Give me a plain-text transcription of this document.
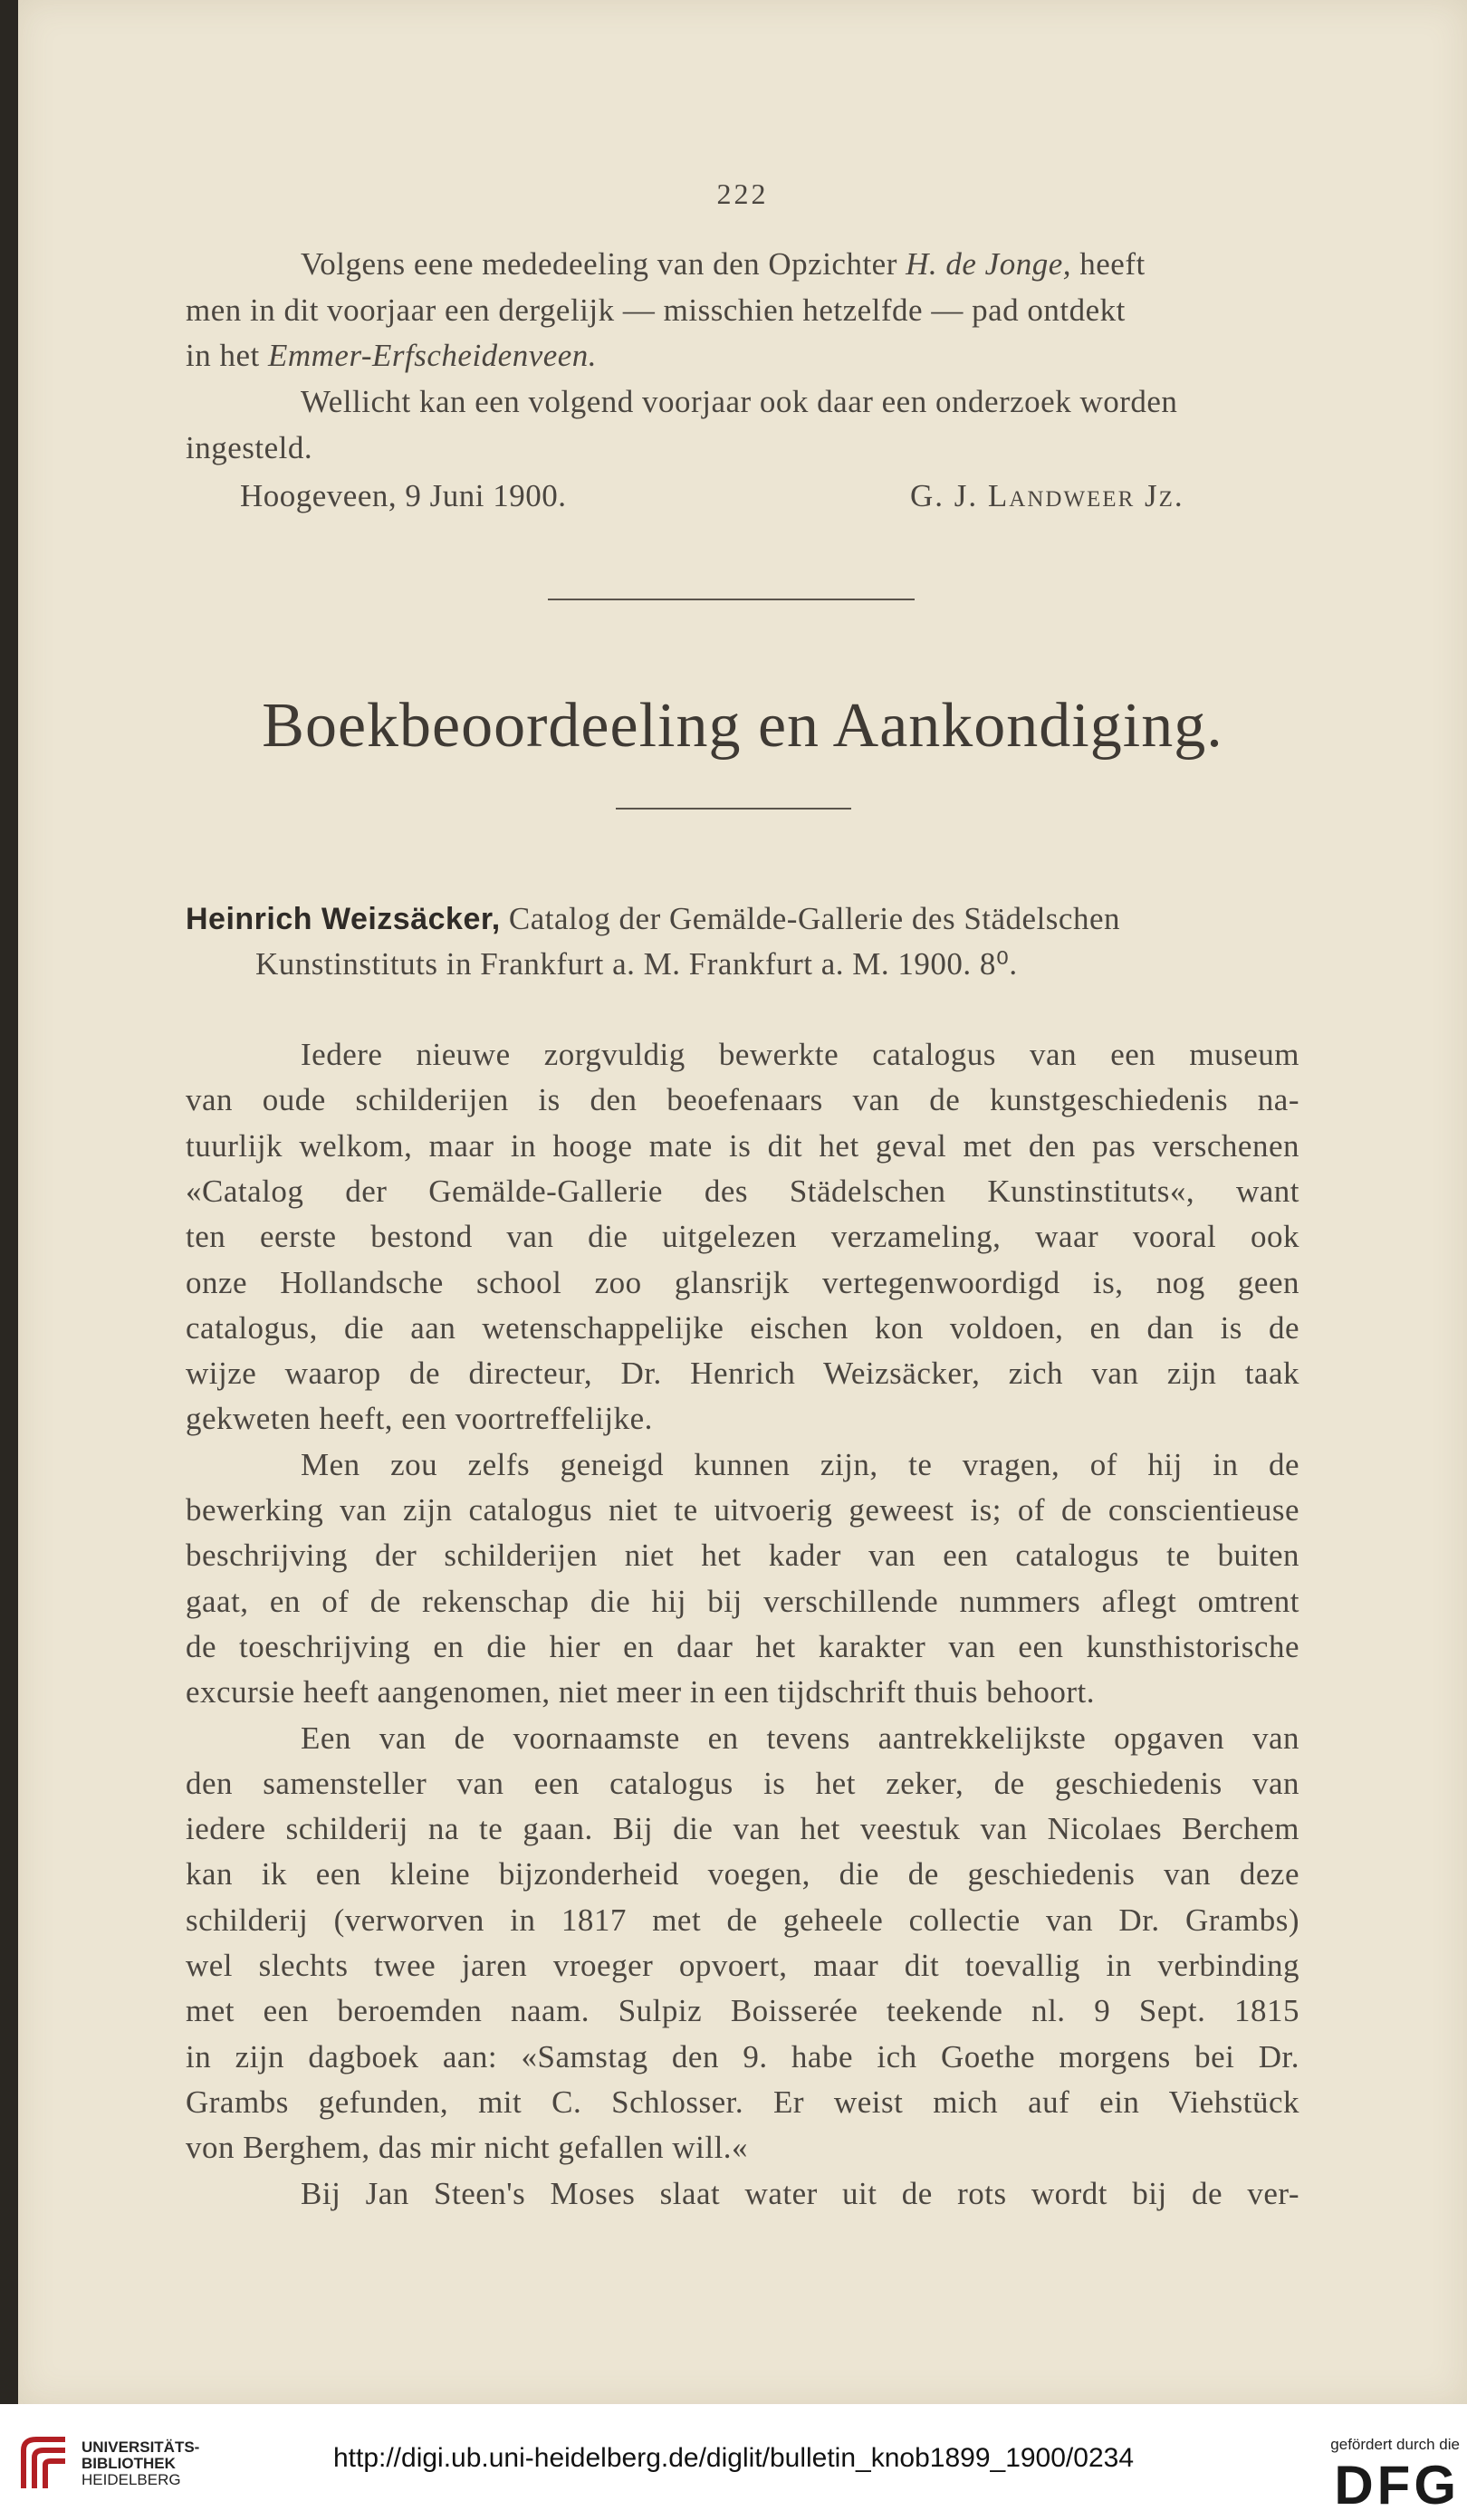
222
Volgens eene mededeeling van den Opzichter H. de Jonge, heeft
men in dit voorjaar een dergelijk — misschien hetzelfde — pad ontdekt
in het Emmer-Erfscheidenveen.
Wellicht kan een volgend voorjaar ook daar een onderzoek worden
ingesteld.
Hoogeveen, 9 Juni 1900.	G. J. Landweer Jz.
Boekbeoordeeling en Aankondiging.
Heinrich Weizsäcker, Catalog der Gemälde-Gallerie des Städelschen
Kunstinstituts in Frankfurt a. M. Frankfurt a. M. 1900. 8⁰.
Iedere nieuwe zorgvuldig bewerkte catalogus van een museum
van oude schilderijen is den beoefenaars van de kunstgeschiedenis na-
tuurlijk welkom, maar in hooge mate is dit het geval met den pas verschenen
«Catalog der Gemälde-Gallerie des Städelschen Kunstinstituts«, want
ten eerste bestond van die uitgelezen verzameling, waar vooral ook
onze Hollandsche school zoo glansrijk vertegenwoordigd is, nog geen
catalogus, die aan wetenschappelijke eischen kon voldoen, en dan is de
wijze waarop de directeur, Dr. Henrich Weizsäcker, zich van zijn taak
gekweten heeft, een voortreffelijke.
Men zou zelfs geneigd kunnen zijn, te vragen, of hij in de
bewerking van zijn catalogus niet te uitvoerig geweest is; of de conscientieuse
beschrijving der schilderijen niet het kader van een catalogus te buiten
gaat, en of de rekenschap die hij bij verschillende nummers aflegt omtrent
de toeschrijving en die hier en daar het karakter van een kunsthistorische
excursie heeft aangenomen, niet meer in een tijdschrift thuis behoort.
Een van de voornaamste en tevens aantrekkelijkste opgaven van
den samensteller van een catalogus is het zeker, de geschiedenis van
iedere schilderij na te gaan. Bij die van het veestuk van Nicolaes Berchem
kan ik een kleine bijzonderheid voegen, die de geschiedenis van deze
schilderij (verworven in 1817 met de geheele collectie van Dr. Grambs)
wel slechts twee jaren vroeger opvoert, maar dit toevallig in verbinding
met een beroemden naam. Sulpiz Boisserée teekende nl. 9 Sept. 1815
in zijn dagboek aan: «Samstag den 9. habe ich Goethe morgens bei Dr.
Grambs gefunden, mit C. Schlosser. Er weist mich auf ein Viehstück
von Berghem, das mir nicht gefallen will.«
Bij Jan Steen's Moses slaat water uit de rots wordt bij de ver-
UNIVERSITÄTS-
BIBLIOTHEK
HEIDELBERG
http://digi.ub.uni-heidelberg.de/diglit/bulletin_knob1899_1900/0234	gefördert durch die
DFG
